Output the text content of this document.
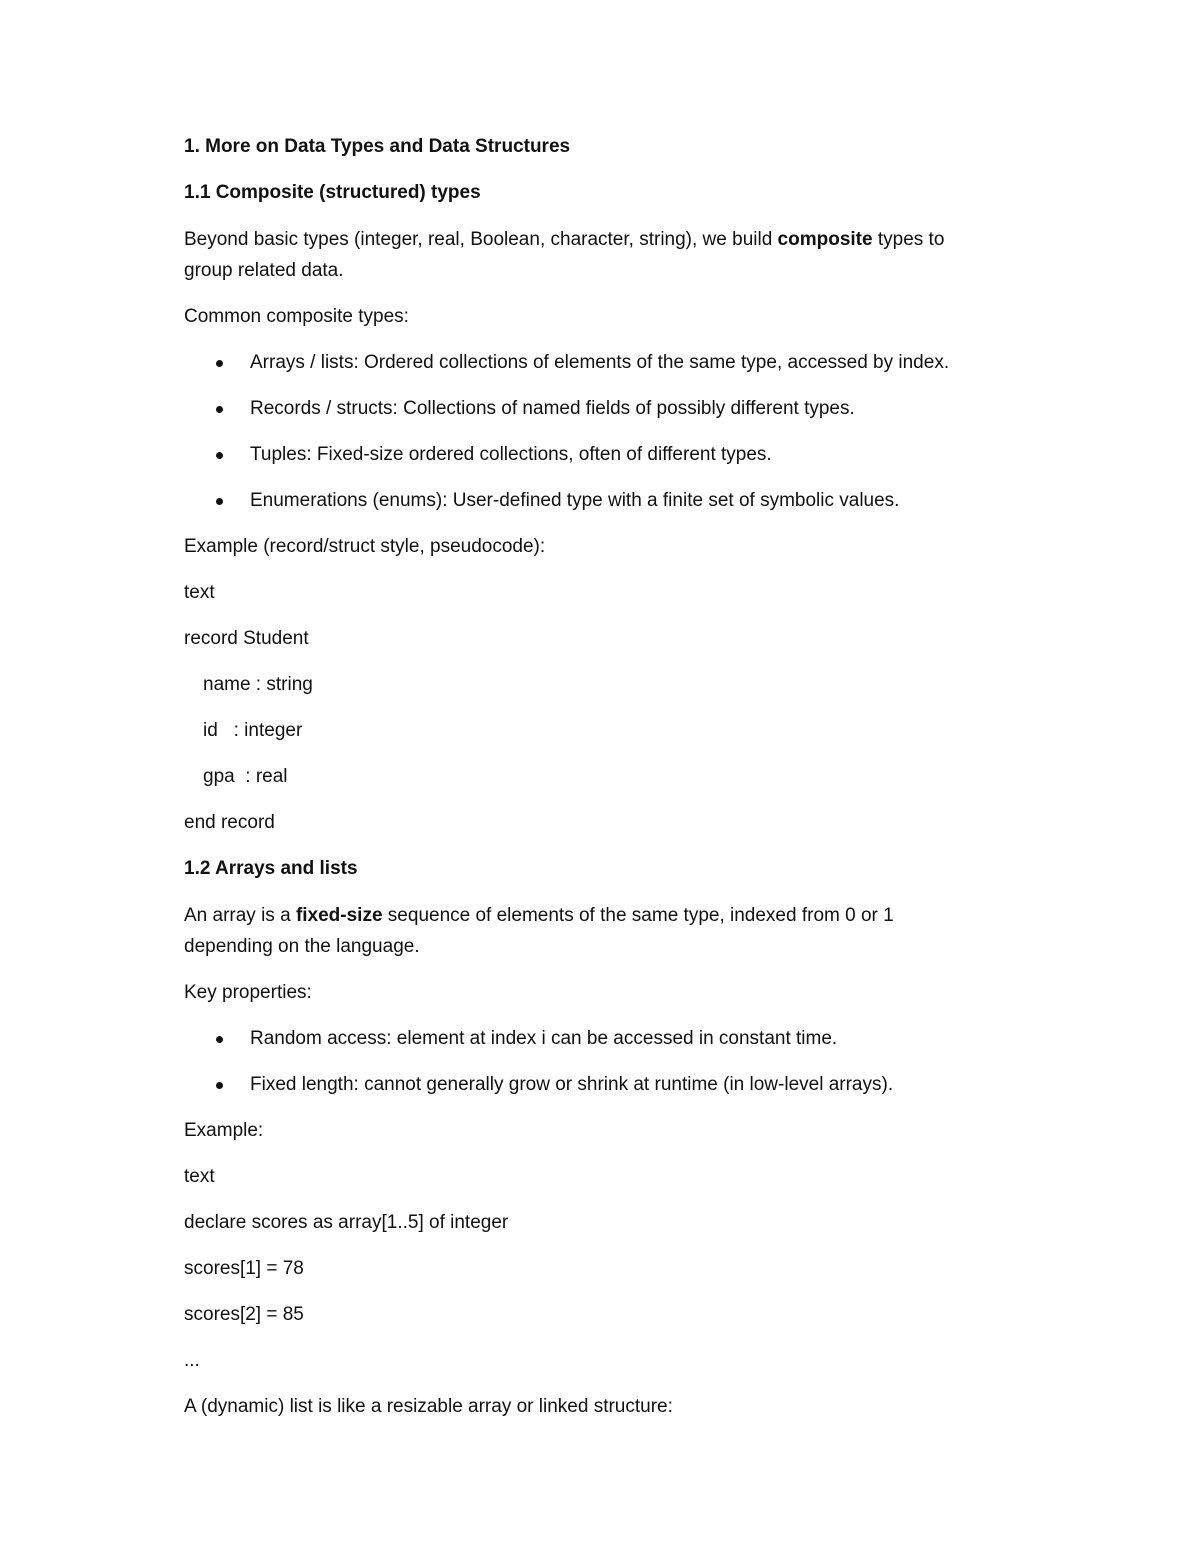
1. More on Data Types and Data Structures
1.1 Composite (structured) types
Beyond basic types (integer, real, Boolean, character, string), we build composite types to
group related data.
Common composite types:
Arrays / lists: Ordered collections of elements of the same type, accessed by index.
Records / structs: Collections of named fields of possibly different types.
Tuples: Fixed-size ordered collections, often of different types.
Enumerations (enums): User-defined type with a finite set of symbolic values.
Example (record/struct style, pseudocode):
text
record Student
name : string
id   : integer
gpa  : real
end record
1.2 Arrays and lists
An array is a fixed-size sequence of elements of the same type, indexed from 0 or 1
depending on the language.
Key properties:
Random access: element at index i can be accessed in constant time.
Fixed length: cannot generally grow or shrink at runtime (in low-level arrays).
Example:
text
declare scores as array[1..5] of integer
scores[1] = 78
scores[2] = 85
...
A (dynamic) list is like a resizable array or linked structure:
